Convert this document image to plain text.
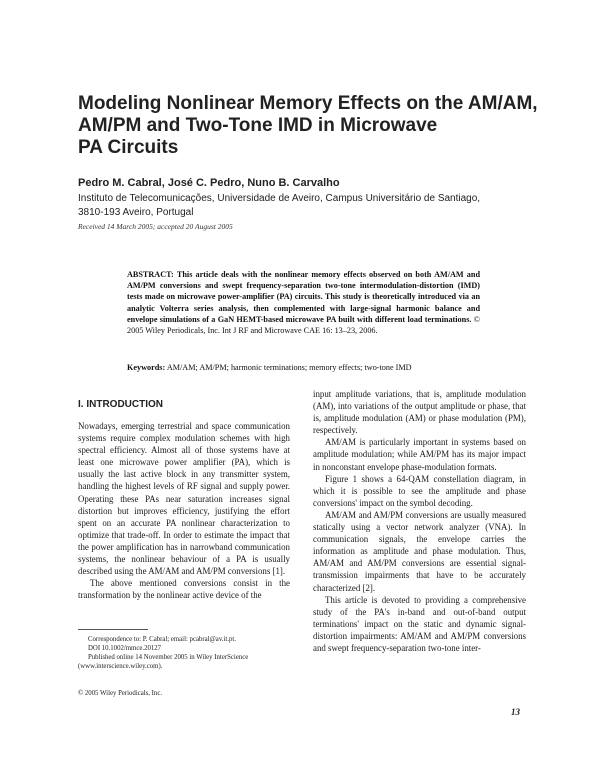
Modeling Nonlinear Memory Effects on the AM/AM,
AM/PM and Two-Tone IMD in Microwave
PA Circuits
Pedro M. Cabral, José C. Pedro, Nuno B. Carvalho
Instituto de Telecomunicações, Universidade de Aveiro, Campus Universitário de Santiago,
3810-193 Aveiro, Portugal
Received 14 March 2005; accepted 20 August 2005
ABSTRACT: This article deals with the nonlinear memory effects observed on both AM/AM and AM/PM conversions and swept frequency-separation two-tone intermodulation-distortion (IMD) tests made on microwave power-amplifier (PA) circuits. This study is theoretically introduced via an analytic Volterra series analysis, then complemented with large-signal harmonic balance and envelope simulations of a GaN HEMT-based microwave PA built with different load terminations. © 2005 Wiley Periodicals, Inc. Int J RF and Microwave CAE 16: 13–23, 2006.
Keywords: AM/AM; AM/PM; harmonic terminations; memory effects; two-tone IMD
I. INTRODUCTION

Nowadays, emerging terrestrial and space communication systems require complex modulation schemes with high spectral efficiency. Almost all of those systems have at least one microwave power amplifier (PA), which is usually the last active block in any transmitter system, handling the highest levels of RF signal and supply power. Operating these PAs near saturation increases signal distortion but improves efficiency, justifying the effort spent on an accurate PA nonlinear characterization to optimize that trade-off. In order to estimate the impact that the power amplification has in narrowband communication systems, the nonlinear behaviour of a PA is usually described using the AM/AM and AM/PM conversions [1].

The above mentioned conversions consist in the transformation by the nonlinear active device of the

input amplitude variations, that is, amplitude modulation (AM), into variations of the output amplitude or phase, that is, amplitude modulation (AM) or phase modulation (PM), respectively.

AM/AM is particularly important in systems based on amplitude modulation; while AM/PM has its major impact in nonconstant envelope phase-modulation formats.

Figure 1 shows a 64-QAM constellation diagram, in which it is possible to see the amplitude and phase conversions' impact on the symbol decoding.

AM/AM and AM/PM conversions are usually measured statically using a vector network analyzer (VNA). In communication signals, the envelope carries the information as amplitude and phase modulation. Thus, AM/AM and AM/PM conversions are essential signal-transmission impairments that have to be accurately characterized [2].

This article is devoted to providing a comprehensive study of the PA's in-band and out-of-band output terminations' impact on the static and dynamic signal-distortion impairments: AM/AM and AM/PM conversions and swept frequency-separation two-tone inter-

Correspondence to: P. Cabral; email: pcabral@av.it.pt.
DOI 10.1002/mmce.20127
Published online 14 November 2005 in Wiley InterScience (www.interscience.wiley.com).
© 2005 Wiley Periodicals, Inc.
13
